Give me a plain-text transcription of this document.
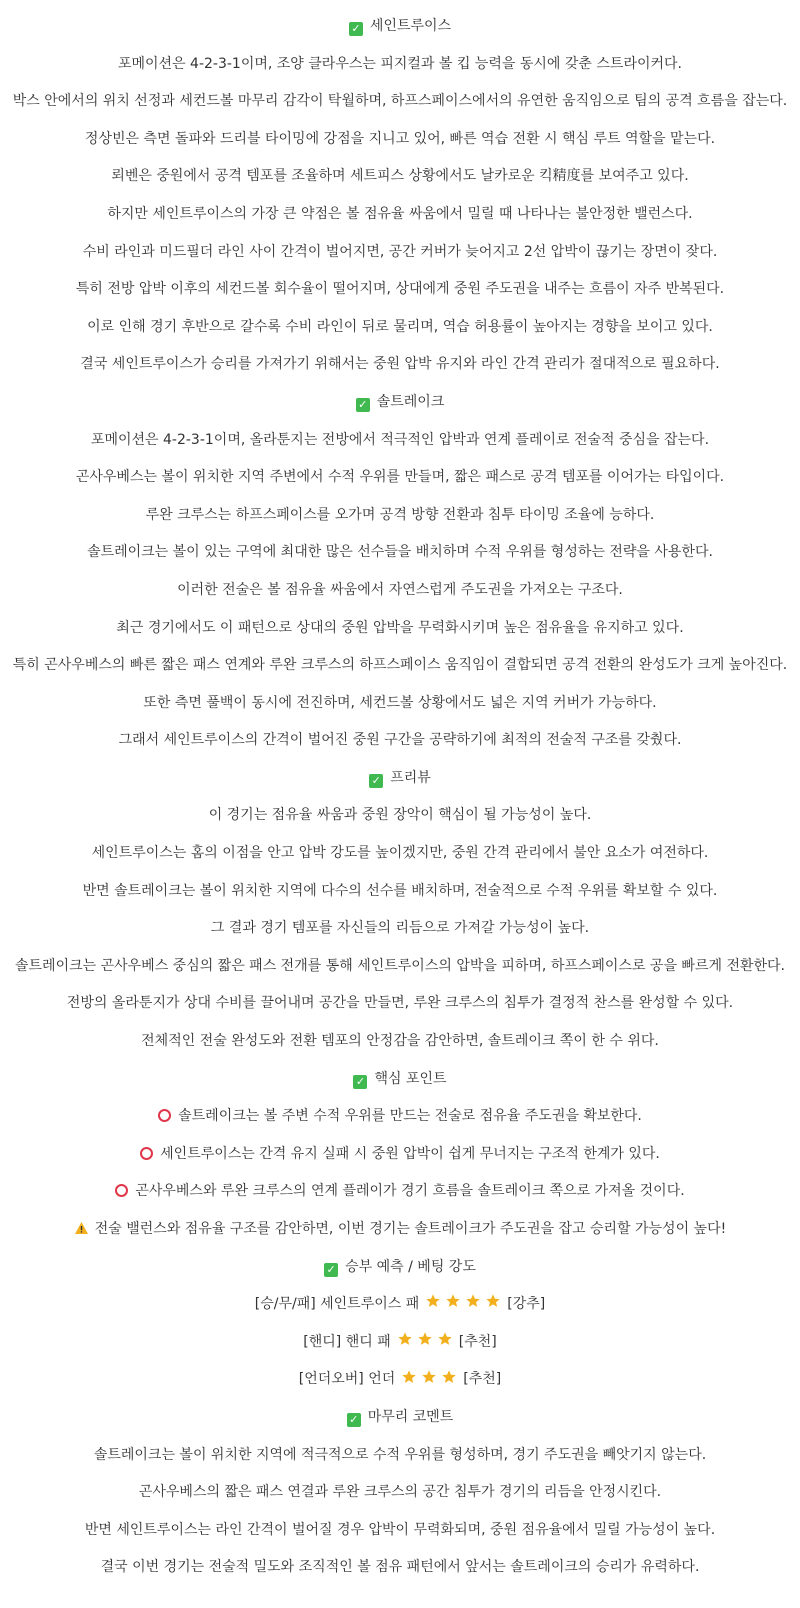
✓ 세인트루이스
포메이션은 4-2-3-1이며, 조양 클라우스는 피지컬과 볼 킵 능력을 동시에 갖춘 스트라이커다.
박스 안에서의 위치 선정과 세컨드볼 마무리 감각이 탁월하며, 하프스페이스에서의 유연한 움직임으로 팀의 공격 흐름을 잡는다.
정상빈은 측면 돌파와 드리블 타이밍에 강점을 지니고 있어, 빠른 역습 전환 시 핵심 루트 역할을 맡는다.
뢰벤은 중원에서 공격 템포를 조율하며 세트피스 상황에서도 날카로운 킥精度를 보여주고 있다.
하지만 세인트루이스의 가장 큰 약점은 볼 점유율 싸움에서 밀릴 때 나타나는 불안정한 밸런스다.
수비 라인과 미드필더 라인 사이 간격이 벌어지면, 공간 커버가 늦어지고 2선 압박이 끊기는 장면이 잦다.
특히 전방 압박 이후의 세컨드볼 회수율이 떨어지며, 상대에게 중원 주도권을 내주는 흐름이 자주 반복된다.
이로 인해 경기 후반으로 갈수록 수비 라인이 뒤로 물리며, 역습 허용률이 높아지는 경향을 보이고 있다.
결국 세인트루이스가 승리를 가져가기 위해서는 중원 압박 유지와 라인 간격 관리가 절대적으로 필요하다.
✓ 솔트레이크
포메이션은 4-2-3-1이며, 올라툰지는 전방에서 적극적인 압박과 연계 플레이로 전술적 중심을 잡는다.
곤사우베스는 볼이 위치한 지역 주변에서 수적 우위를 만들며, 짧은 패스로 공격 템포를 이어가는 타입이다.
루완 크루스는 하프스페이스를 오가며 공격 방향 전환과 침투 타이밍 조율에 능하다.
솔트레이크는 볼이 있는 구역에 최대한 많은 선수들을 배치하며 수적 우위를 형성하는 전략을 사용한다.
이러한 전술은 볼 점유율 싸움에서 자연스럽게 주도권을 가져오는 구조다.
최근 경기에서도 이 패턴으로 상대의 중원 압박을 무력화시키며 높은 점유율을 유지하고 있다.
특히 곤사우베스의 빠른 짧은 패스 연계와 루완 크루스의 하프스페이스 움직임이 결합되면 공격 전환의 완성도가 크게 높아진다.
또한 측면 풀백이 동시에 전진하며, 세컨드볼 상황에서도 넓은 지역 커버가 가능하다.
그래서 세인트루이스의 간격이 벌어진 중원 구간을 공략하기에 최적의 전술적 구조를 갖췄다.
✓ 프리뷰
이 경기는 점유율 싸움과 중원 장악이 핵심이 될 가능성이 높다.
세인트루이스는 홈의 이점을 안고 압박 강도를 높이겠지만, 중원 간격 관리에서 불안 요소가 여전하다.
반면 솔트레이크는 볼이 위치한 지역에 다수의 선수를 배치하며, 전술적으로 수적 우위를 확보할 수 있다.
그 결과 경기 템포를 자신들의 리듬으로 가져갈 가능성이 높다.
솔트레이크는 곤사우베스 중심의 짧은 패스 전개를 통해 세인트루이스의 압박을 피하며, 하프스페이스로 공을 빠르게 전환한다.
전방의 올라툰지가 상대 수비를 끌어내며 공간을 만들면, 루완 크루스의 침투가 결정적 찬스를 완성할 수 있다.
전체적인 전술 완성도와 전환 템포의 안정감을 감안하면, 솔트레이크 쪽이 한 수 위다.
✓ 핵심 포인트
솔트레이크는 볼 주변 수적 우위를 만드는 전술로 점유율 주도권을 확보한다.
세인트루이스는 간격 유지 실패 시 중원 압박이 쉽게 무너지는 구조적 한계가 있다.
곤사우베스와 루완 크루스의 연계 플레이가 경기 흐름을 솔트레이크 쪽으로 가져올 것이다.
전술 밸런스와 점유율 구조를 감안하면, 이번 경기는 솔트레이크가 주도권을 잡고 승리할 가능성이 높다!
✓ 승부 예측 / 베팅 강도
[승/무/패] 세인트루이스 패	[강추]
[핸디] 핸디 패	[추천]
[언더오버] 언더	[추천]
✓ 마무리 코멘트
솔트레이크는 볼이 위치한 지역에 적극적으로 수적 우위를 형성하며, 경기 주도권을 빼앗기지 않는다.
곤사우베스의 짧은 패스 연결과 루완 크루스의 공간 침투가 경기의 리듬을 안정시킨다.
반면 세인트루이스는 라인 간격이 벌어질 경우 압박이 무력화되며, 중원 점유율에서 밀릴 가능성이 높다.
결국 이번 경기는 전술적 밀도와 조직적인 볼 점유 패턴에서 앞서는 솔트레이크의 승리가 유력하다.
